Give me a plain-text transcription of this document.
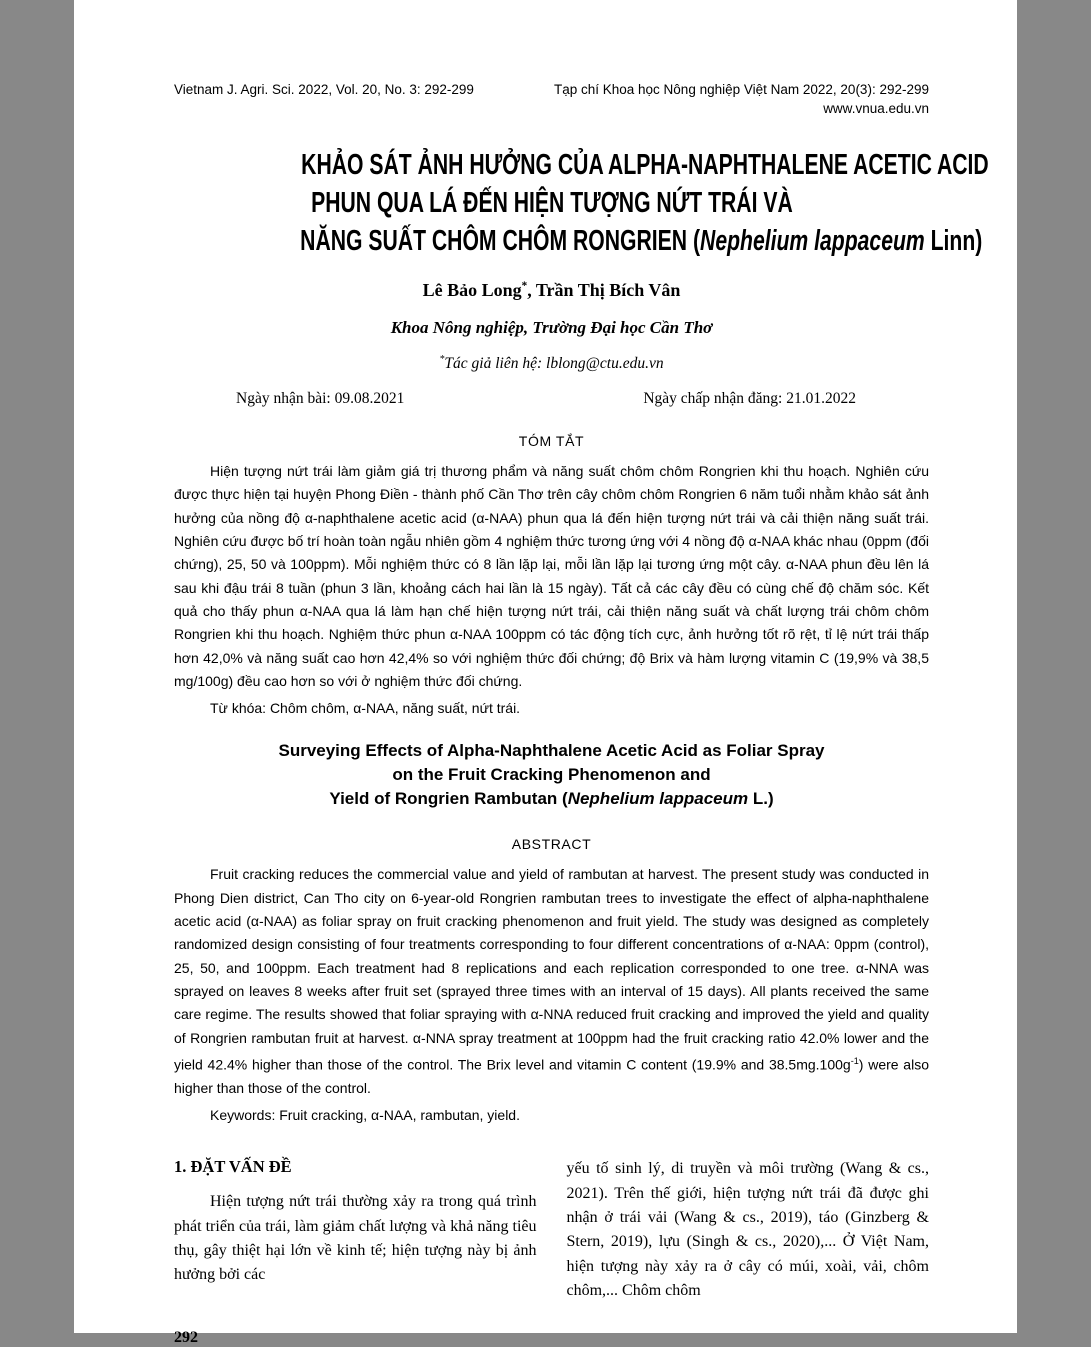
Vietnam J. Agri. Sci. 2022, Vol. 20, No. 3: 292-299	Tạp chí Khoa học Nông nghiệp Việt Nam 2022, 20(3): 292-299
www.vnua.edu.vn
KHẢO SÁT ẢNH HƯỞNG CỦA ALPHA-NAPHTHALENE ACETIC ACID
PHUN QUA LÁ ĐẾN HIỆN TƯỢNG NỨT TRÁI VÀ
NĂNG SUẤT CHÔM CHÔM RONGRIEN (Nephelium lappaceum Linn)
Lê Bảo Long*, Trần Thị Bích Vân
Khoa Nông nghiệp, Trường Đại học Cần Thơ
*Tác giả liên hệ: lblong@ctu.edu.vn
Ngày nhận bài: 09.08.2021	Ngày chấp nhận đăng: 21.01.2022
TÓM TẮT

Hiện tượng nứt trái làm giảm giá trị thương phẩm và năng suất chôm chôm Rongrien khi thu hoạch. Nghiên cứu được thực hiện tại huyện Phong Điền - thành phố Cần Thơ trên cây chôm chôm Rongrien 6 năm tuổi nhằm khảo sát ảnh hưởng của nồng độ α-naphthalene acetic acid (α-NAA) phun qua lá đến hiện tượng nứt trái và cải thiện năng suất trái. Nghiên cứu được bố trí hoàn toàn ngẫu nhiên gồm 4 nghiệm thức tương ứng với 4 nồng độ α-NAA khác nhau (0ppm (đối chứng), 25, 50 và 100ppm). Mỗi nghiệm thức có 8 lần lặp lại, mỗi lần lặp lại tương ứng một cây. α-NAA phun đều lên lá sau khi đậu trái 8 tuần (phun 3 lần, khoảng cách hai lần là 15 ngày). Tất cả các cây đều có cùng chế độ chăm sóc. Kết quả cho thấy phun α-NAA qua lá làm hạn chế hiện tượng nứt trái, cải thiện năng suất và chất lượng trái chôm chôm Rongrien khi thu hoạch. Nghiệm thức phun α-NAA 100ppm có tác động tích cực, ảnh hưởng tốt rõ rệt, tỉ lệ nứt trái thấp hơn 42,0% và năng suất cao hơn 42,4% so với nghiệm thức đối chứng; độ Brix và hàm lượng vitamin C (19,9% và 38,5 mg/100g) đều cao hơn so với ở nghiệm thức đối chứng.

Từ khóa: Chôm chôm, α-NAA, năng suất, nứt trái.

Surveying Effects of Alpha-Naphthalene Acetic Acid as Foliar Spray
on the Fruit Cracking Phenomenon and
Yield of Rongrien Rambutan (Nephelium lappaceum L.)
ABSTRACT

Fruit cracking reduces the commercial value and yield of rambutan at harvest. The present study was conducted in Phong Dien district, Can Tho city on 6-year-old Rongrien rambutan trees to investigate the effect of alpha-naphthalene acetic acid (α-NAA) as foliar spray on fruit cracking phenomenon and fruit yield. The study was designed as completely randomized design consisting of four treatments corresponding to four different concentrations of α-NAA: 0ppm (control), 25, 50, and 100ppm. Each treatment had 8 replications and each replication corresponded to one tree. α-NNA was sprayed on leaves 8 weeks after fruit set (sprayed three times with an interval of 15 days). All plants received the same care regime. The results showed that foliar spraying with α-NNA reduced fruit cracking and improved the yield and quality of Rongrien rambutan fruit at harvest. α-NNA spray treatment at 100ppm had the fruit cracking ratio 42.0% lower and the yield 42.4% higher than those of the control. The Brix level and vitamin C content (19.9% and $38.5mg.100g^{-1}$) were also higher than those of the control.

Keywords: Fruit cracking, α-NAA, rambutan, yield.

1. ĐẶT VẤN ĐỀ

Hiện tượng nứt trái thường xảy ra trong quá trình phát triển của trái, làm giảm chất lượng và khả năng tiêu thụ, gây thiệt hại lớn về kinh tế; hiện tượng này bị ảnh hưởng bởi các

yếu tố sinh lý, di truyền và môi trường (Wang & cs., 2021). Trên thế giới, hiện tượng nứt trái đã được ghi nhận ở trái vải (Wang & cs., 2019), táo (Ginzberg & Stern, 2019), lựu (Singh & cs., 2020),... Ở Việt Nam, hiện tượng này xảy ra ở cây có múi, xoài, vải, chôm chôm,... Chôm chôm

292
